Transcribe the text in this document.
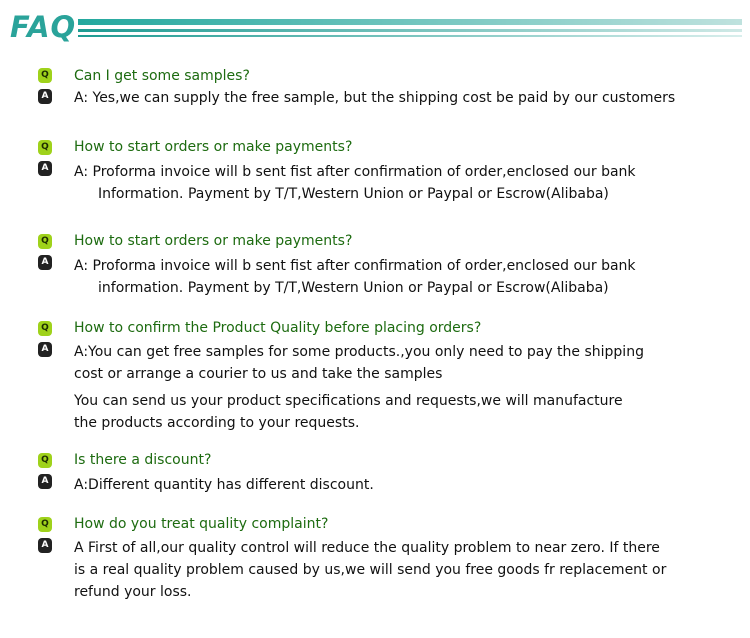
FAQ
Q
A
Can I get some samples?
A: Yes,we can supply the free sample, but the shipping cost be paid by our customers
Q
A
How to start orders or make payments?
A: Proforma invoice will b sent fist after confirmation of order,enclosed our bank
Information. Payment by T/T,Western Union or Paypal or Escrow(Alibaba)
Q
A
How to start orders or make payments?
A: Proforma invoice will b sent fist after confirmation of order,enclosed our bank
information. Payment by T/T,Western Union or Paypal or Escrow(Alibaba)
Q
A
How to confirm the Product Quality before placing orders?
A:You can get free samples for some products.,you only need to pay the shipping
cost or arrange a courier to us and take the samples
You can send us your product specifications and requests,we will manufacture
the products according to your requests.
Q
A
Is there a discount?
A:Different quantity has different discount.
Q
A
How do you treat quality complaint?
A First of all,our quality control will reduce the quality problem to near zero. If there
is a real quality problem caused by us,we will send you free goods fr replacement or
refund your loss.
